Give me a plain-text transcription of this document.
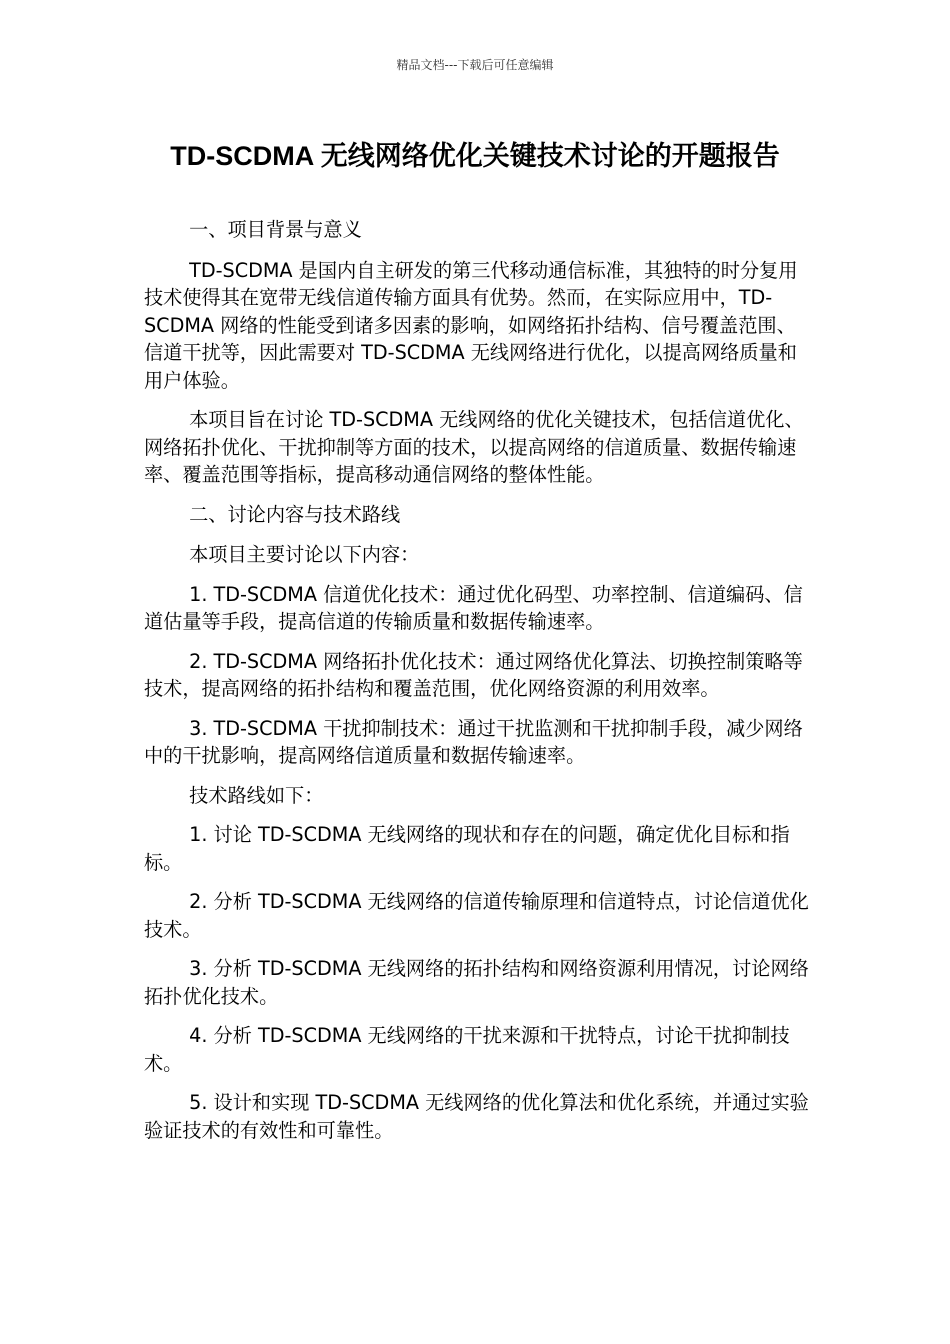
精品文档---下载后可任意编辑
TD-SCDMA 无线网络优化关键技术讨论的开题报告

一、项目背景与意义

TD-SCDMA 是国内自主研发的第三代移动通信标准，其独特的时分复用技术使得其在宽带无线信道传输方面具有优势。然而，在实际应用中，TD-SCDMA 网络的性能受到诸多因素的影响，如网络拓扑结构、信号覆盖范围、信道干扰等，因此需要对 TD-SCDMA 无线网络进行优化，以提高网络质量和用户体验。

本项目旨在讨论 TD-SCDMA 无线网络的优化关键技术，包括信道优化、网络拓扑优化、干扰抑制等方面的技术，以提高网络的信道质量、数据传输速率、覆盖范围等指标，提高移动通信网络的整体性能。

二、讨论内容与技术路线

本项目主要讨论以下内容：

1. TD-SCDMA 信道优化技术：通过优化码型、功率控制、信道编码、信道估量等手段，提高信道的传输质量和数据传输速率。

2. TD-SCDMA 网络拓扑优化技术：通过网络优化算法、切换控制策略等技术，提高网络的拓扑结构和覆盖范围，优化网络资源的利用效率。

3. TD-SCDMA 干扰抑制技术：通过干扰监测和干扰抑制手段，减少网络中的干扰影响，提高网络信道质量和数据传输速率。

技术路线如下：

1. 讨论 TD-SCDMA 无线网络的现状和存在的问题，确定优化目标和指标。

2. 分析 TD-SCDMA 无线网络的信道传输原理和信道特点，讨论信道优化技术。

3. 分析 TD-SCDMA 无线网络的拓扑结构和网络资源利用情况，讨论网络拓扑优化技术。

4. 分析 TD-SCDMA 无线网络的干扰来源和干扰特点，讨论干扰抑制技术。

5. 设计和实现 TD-SCDMA 无线网络的优化算法和优化系统，并通过实验验证技术的有效性和可靠性。
